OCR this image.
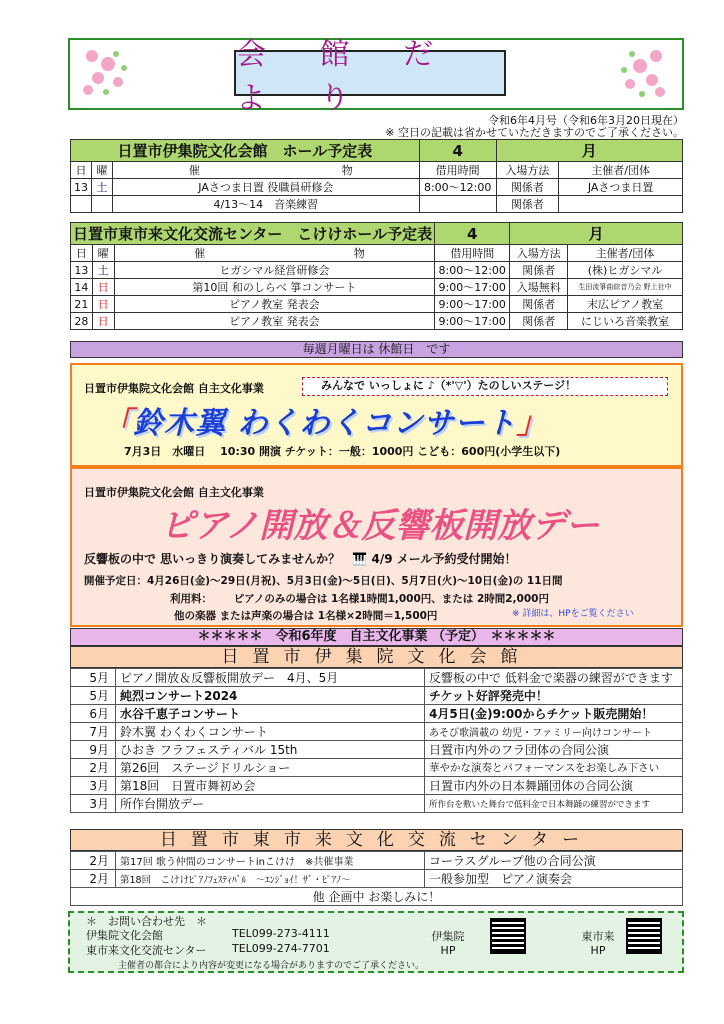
会 館 だ よ り
令和6年4月号（令和6年3月20日現在）
※ 空日の記載は省かせていただきますのでご了承ください。
日置市伊集院文化会館　ホール予定表				4	月	
日	曜	催	物	借用時間	入場方法	主催者/団体
13	土	JAさつま日置 役職員研修会		8:00～12:00	関係者	JAさつま日置
		4/13～14　音楽練習			関係者	
日置市東市来文化交流センター　こけけホール予定表				4	月	
日	曜	催	物	借用時間	入場方法	主催者/団体
13	土	ヒガシマル経営研修会		8:00～12:00	関係者	(株)ヒガシマル
14	日	第10回 和のしらべ 箏コンサート		9:00～17:00	入場無料	生田流箏曲綜音乃会 野上社中
21	日	ピアノ教室 発表会		9:00～17:00	関係者	末広ピアノ教室
28	日	ピアノ教室 発表会		9:00～17:00	関係者	にじいろ音楽教室
毎週月曜日は 休館日　です
日置市伊集院文化会館 自主文化事業	みんなで いっしょに ♪（*'▽'）たのしいステージ！
「鈴木翼 わくわくコンサート」
7月3日　水曜日　 10:30 開演 チケット：一般：1000円 こども：600円(小学生以下)
日置市伊集院文化会館 自主文化事業
ピアノ開放＆反響板開放デー
反響板の中で 思いっきり演奏してみませんか？ 🎹 4/9 メール予約受付開始！
開催予定日：4月26日(金)～29日(月祝)、5月3日(金)～5日(日)、5月7日(火)～10日(金)の 11日間
利用料： ピアノのみの場合は 1名様1時間1,000円、または 2時間2,000円
他の楽器 または声楽の場合は 1名様×2時間＝1,500円	※ 詳細は、HPをご覧ください
＊＊＊＊＊　令和6年度　自主文化事業 （予定）　＊＊＊＊＊
日置市伊集院文化会館
5月	ピアノ開放＆反響板開放デー　4月、5月	反響板の中で 低料金で楽器の練習ができます
5月	純烈コンサート2024	チケット好評発売中！
6月	水谷千恵子コンサート	4月5日(金)9:00からチケット販売開始！
7月	鈴木翼 わくわくコンサート	あそび歌満載の 幼児・ファミリー向けコンサート
9月	ひおき フラフェスティバル 15th	日置市内外のフラ団体の合同公演
2月	第26回　ステージドリルショー	華やかな演奏とパフォーマンスをお楽しみ下さい
3月	第18回　日置市舞初め会	日置市内外の日本舞踊団体の合同公演
3月	所作台開放デー	所作台を敷いた舞台で低料金で日本舞踊の練習ができます
日置市東市来文化交流センター
2月	第17回 歌う仲間のコンサートinこけけ　※共催事業	コーラスグループ他の合同公演
2月	第18回　こけけﾋﾟｱﾉﾌｪｽﾃｨﾊﾞﾙ　～ｴﾝｼﾞｮｲ！ｻﾞ・ﾋﾟｱﾉ～	一般参加型　ピアノ演奏会
他 企画中 お楽しみに！		
＊　お問い合わせ先　＊
伊集院文化会館	TEL099-273-4111
東市来文化交流センター TEL099-274-7701
伊集院
HP
東市来
HP
主催者の都合により内容が変更になる場合がありますのでご了承ください。
